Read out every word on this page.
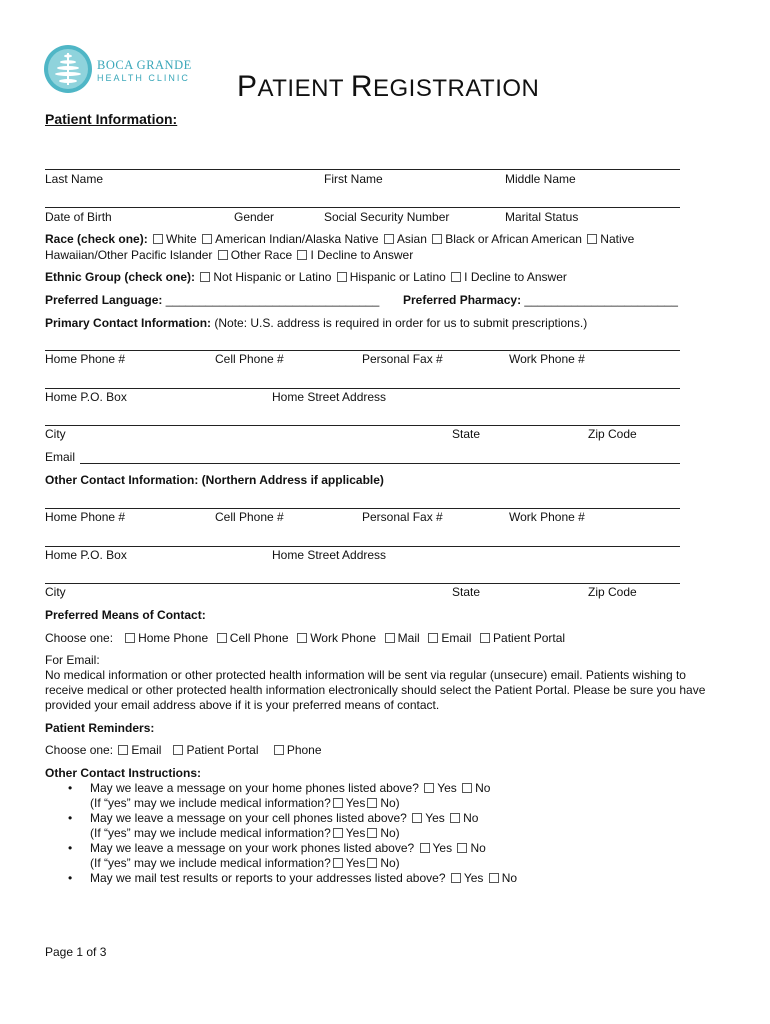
BOCA GRANDE
HEALTH CLINIC PATIENT REGISTRATION
Patient Information:
Last Name	First Name	Middle Name
Date of Birth	Gender	Social Security Number	Marital Status
Race (check one): White American Indian/Alaska Native Asian Black or African American Native
Hawaiian/Other Pacific Islander Other Race I Decline to Answer
Ethnic Group (check one): Not Hispanic or Latino Hispanic or Latino I Decline to Answer
Preferred Language: ________________________________ Preferred Pharmacy: _______________________
Primary Contact Information: (Note: U.S. address is required in order for us to submit prescriptions.)
Home Phone #	Cell Phone #	Personal Fax #	Work Phone #
Home P.O. Box	Home Street Address
City	State	Zip Code
Email
Other Contact Information: (Northern Address if applicable)
Home Phone #	Cell Phone #	Personal Fax #	Work Phone #
Home P.O. Box	Home Street Address
City	State	Zip Code
Preferred Means of Contact:
Choose one: Home Phone Cell Phone Work Phone Mail Email Patient Portal
For Email:
No medical information or other protected health information will be sent via regular (unsecure) email. Patients wishing to receive medical or other protected health information electronically should select the Patient Portal. Please be sure you have provided your email address above if it is your preferred means of contact.
Patient Reminders:
Choose one: Email Patient Portal Phone
Other Contact Instructions:
• May we leave a message on your home phones listed above? Yes No
(If “yes” may we include medical information? Yes No)
• May we leave a message on your cell phones listed above? Yes No
(If “yes” may we include medical information? Yes No)
• May we leave a message on your work phones listed above? Yes No
(If “yes” may we include medical information? Yes No)
• May we mail test results or reports to your addresses listed above? Yes No
Page 1 of 3
